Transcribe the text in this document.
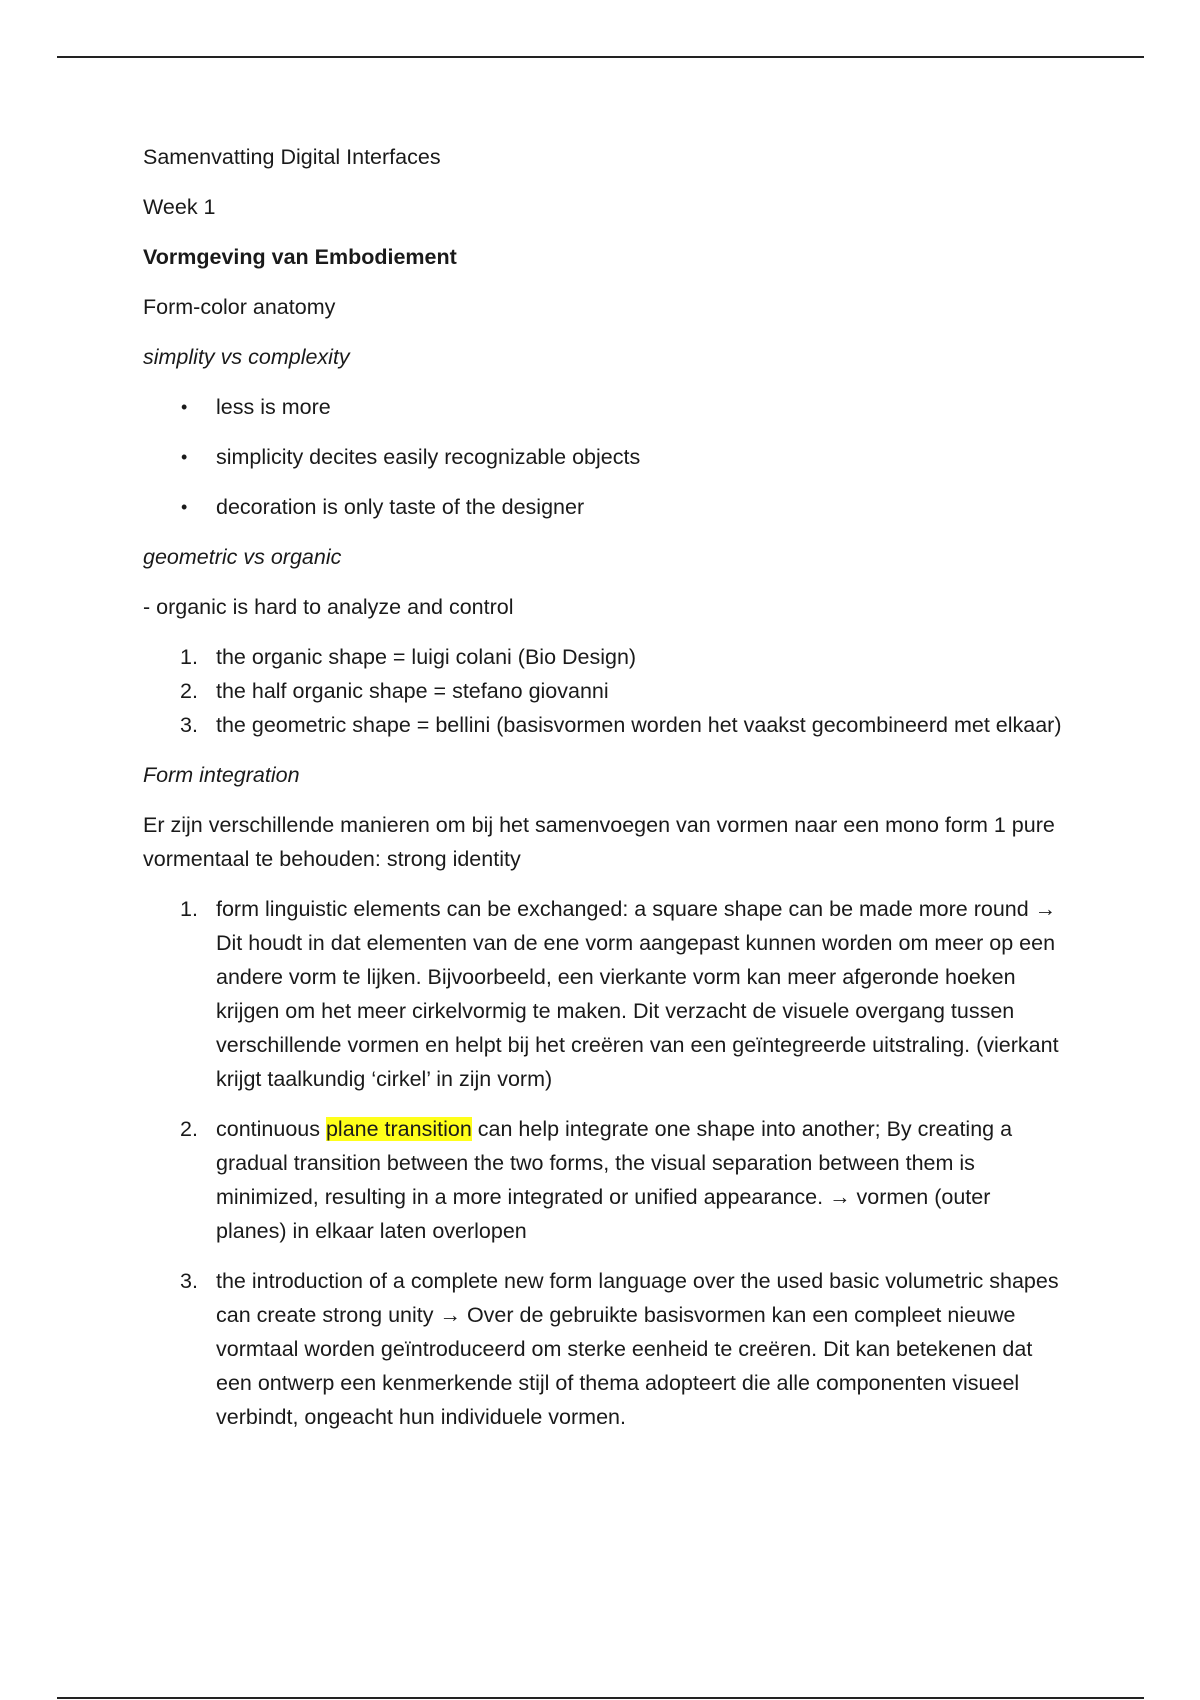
Samenvatting Digital Interfaces
Week 1
Vormgeving van Embodiement
Form-color anatomy
simplity vs complexity
• less is more
• simplicity decites easily recognizable objects
• decoration is only taste of the designer
geometric vs organic
- organic is hard to analyze and control
1. the organic shape = luigi colani (Bio Design)
2. the half organic shape = stefano giovanni
3. the geometric shape = bellini (basisvormen worden het vaakst gecombineerd met elkaar)
Form integration
Er zijn verschillende manieren om bij het samenvoegen van vormen naar een mono form 1 pure vormentaal te behouden: strong identity
1. form linguistic elements can be exchanged: a square shape can be made more round → Dit houdt in dat elementen van de ene vorm aangepast kunnen worden om meer op een andere vorm te lijken. Bijvoorbeeld, een vierkante vorm kan meer afgeronde hoeken krijgen om het meer cirkelvormig te maken. Dit verzacht de visuele overgang tussen verschillende vormen en helpt bij het creëren van een geïntegreerde uitstraling. (vierkant krijgt taalkundig ‘cirkel’ in zijn vorm)
2. continuous plane transition can help integrate one shape into another; By creating a gradual transition between the two forms, the visual separation between them is minimized, resulting in a more integrated or unified appearance. → vormen (outer planes) in elkaar laten overlopen
3. the introduction of a complete new form language over the used basic volumetric shapes can create strong unity → Over de gebruikte basisvormen kan een compleet nieuwe vormtaal worden geïntroduceerd om sterke eenheid te creëren. Dit kan betekenen dat een ontwerp een kenmerkende stijl of thema adopteert die alle componenten visueel verbindt, ongeacht hun individuele vormen.
